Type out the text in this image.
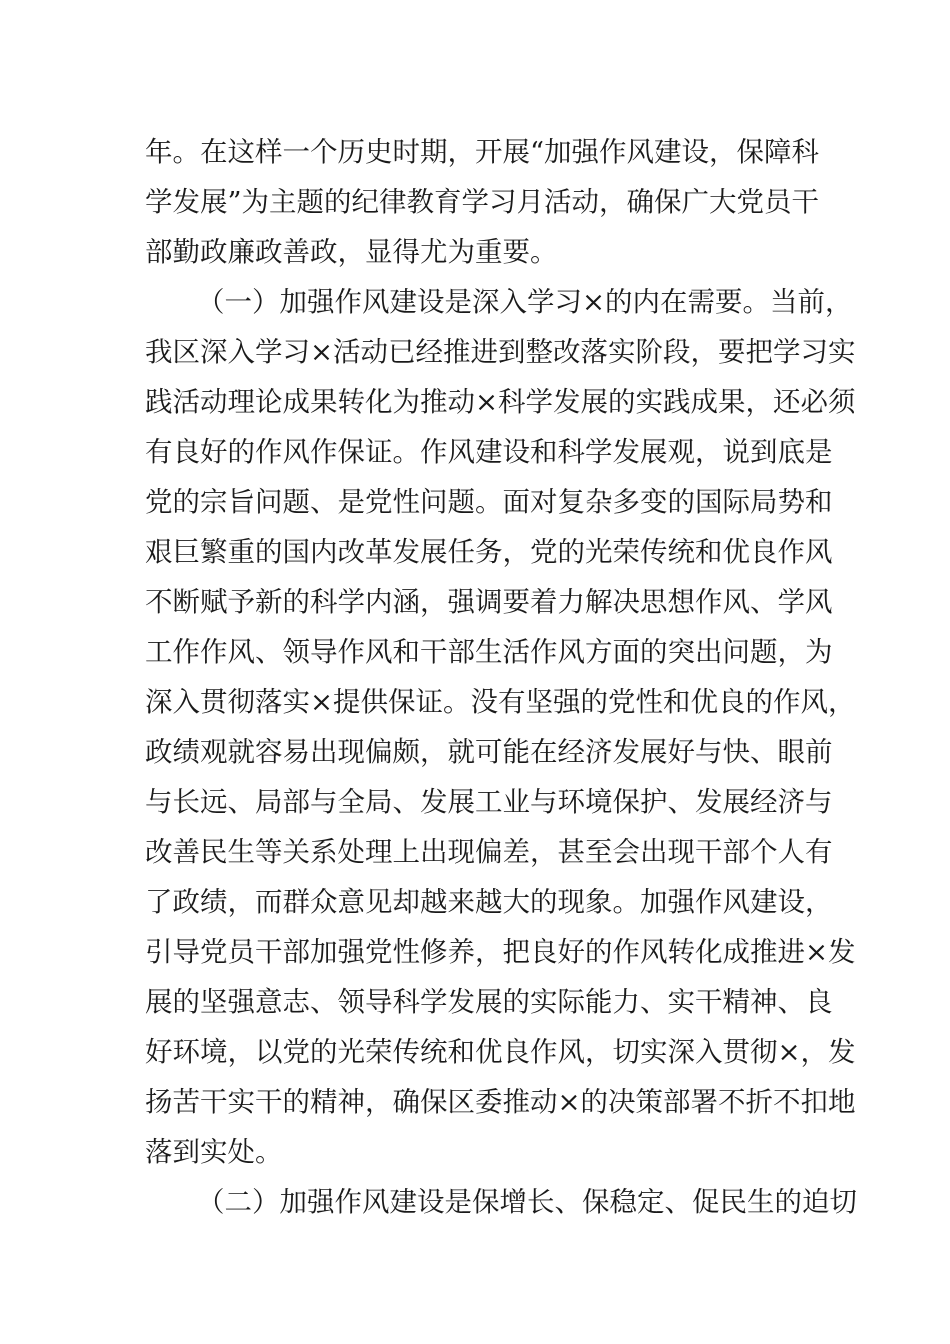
年。在这样一个历史时期，开展“加强作风建设，保障科
学发展”为主题的纪律教育学习月活动，确保广大党员干
部勤政廉政善政，显得尤为重要。
（一）加强作风建设是深入学习×的内在需要。当前，
我区深入学习×活动已经推进到整改落实阶段，要把学习实
践活动理论成果转化为推动×科学发展的实践成果，还必须
有良好的作风作保证。作风建设和科学发展观，说到底是
党的宗旨问题、是党性问题。面对复杂多变的国际局势和
艰巨繁重的国内改革发展任务，党的光荣传统和优良作风
不断赋予新的科学内涵，强调要着力解决思想作风、学风
工作作风、领导作风和干部生活作风方面的突出问题，为
深入贯彻落实×提供保证。没有坚强的党性和优良的作风，
政绩观就容易出现偏颇，就可能在经济发展好与快、眼前
与长远、局部与全局、发展工业与环境保护、发展经济与
改善民生等关系处理上出现偏差，甚至会出现干部个人有
了政绩，而群众意见却越来越大的现象。加强作风建设，
引导党员干部加强党性修养，把良好的作风转化成推进×发
展的坚强意志、领导科学发展的实际能力、实干精神、良
好环境，以党的光荣传统和优良作风，切实深入贯彻×，发
扬苦干实干的精神，确保区委推动×的决策部署不折不扣地
落到实处。
（二）加强作风建设是保增长、保稳定、促民生的迫切
